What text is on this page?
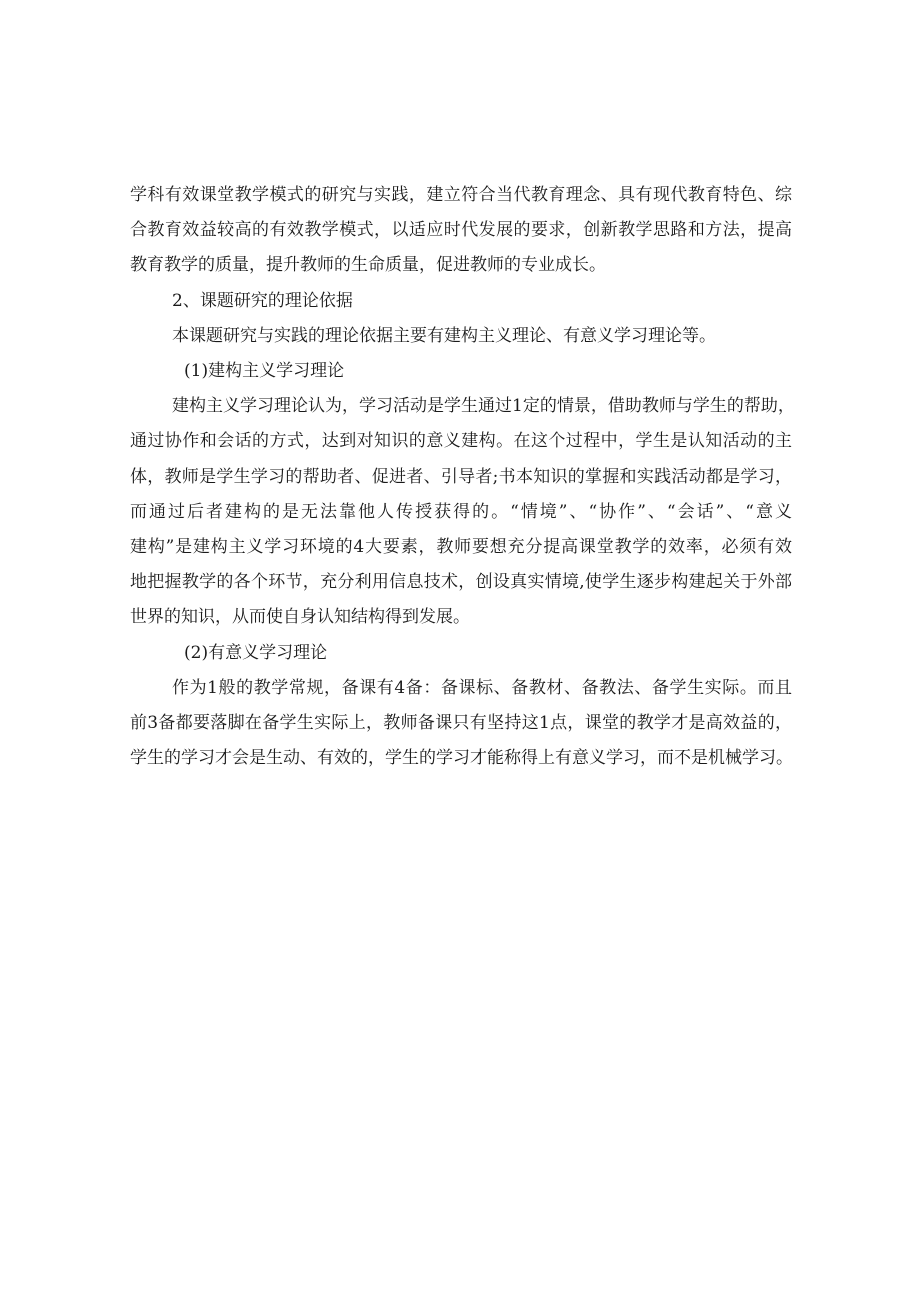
学科有效课堂教学模式的研究与实践，建立符合当代教育理念、具有现代教育特色、综
合教育效益较高的有效教学模式，以适应时代发展的要求，创新教学思路和方法，提高
教育教学的质量，提升教师的生命质量，促进教师的专业成长。

2、课题研究的理论依据

本课题研究与实践的理论依据主要有建构主义理论、有意义学习理论等。

(1)建构主义学习理论

建构主义学习理论认为，学习活动是学生通过1定的情景，借助教师与学生的帮助，
通过协作和会话的方式，达到对知识的意义建构。在这个过程中，学生是认知活动的主
体，教师是学生学习的帮助者、促进者、引导者;书本知识的掌握和实践活动都是学习，
而通过后者建构的是无法靠他人传授获得的。“情境”、“协作”、“会话”、“意义
建构”是建构主义学习环境的4大要素，教师要想充分提高课堂教学的效率，必须有效
地把握教学的各个环节，充分利用信息技术，创设真实情境,使学生逐步构建起关于外部
世界的知识，从而使自身认知结构得到发展。

(2)有意义学习理论

作为1般的教学常规，备课有4备：备课标、备教材、备教法、备学生实际。而且
前3备都要落脚在备学生实际上，教师备课只有坚持这1点，课堂的教学才是高效益的，
学生的学习才会是生动、有效的，学生的学习才能称得上有意义学习，而不是机械学习。
